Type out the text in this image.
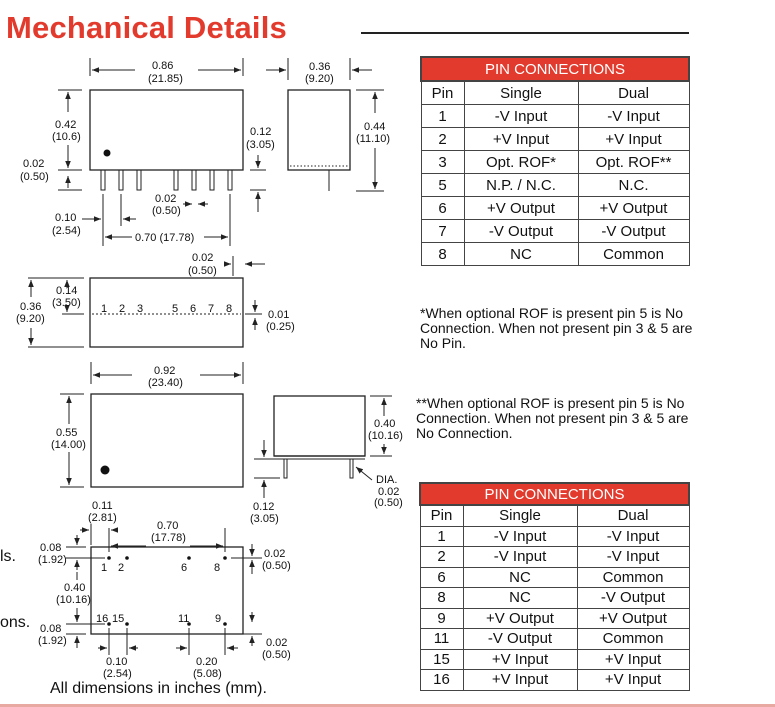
Mechanical Details
0.86
(21.85)
0.42
(10.6)
0.02
(0.50)
0.12
(3.05)
0.02
(0.50)
0.10
(2.54)
0.70 (17.78)
0.36
(9.20)
0.44
(11.10)
1 2 3	5 6 7 8
0.02
(0.50)
0.36
(9.20)
0.14
(3.50)
0.01
(0.25)
0.92
(23.40)
0.55
(14.00)
0.40
(10.16)
0.12
(3.05)
DIA.
0.02
(0.50)
1 2	6 8
16 15	11 9
0.11
(2.81)
0.70
(17.78)
0.08
(1.92)	0.02
(0.50)
0.40
(10.16)
0.08
(1.92)	0.02
(0.50)
0.10
(2.54)
0.20
(5.08)
ls.
ons.
PIN CONNECTIONS		
Pin	Single	Dual
1	-V Input	-V Input
2	+V Input	+V Input
3	Opt. ROF*	Opt. ROF**
5	N.P. / N.C.	N.C.
6	+V Output	+V Output
7	-V Output	-V Output
8	NC	Common
*When optional ROF is present pin 5 is No Connection. When not present pin 3 & 5 are No Pin.
**When optional ROF is present pin 5 is No Connection. When not present pin 3 & 5 are No Connection.
PIN CONNECTIONS		
Pin	Single	Dual
1	-V Input	-V Input
2	-V Input	-V Input
6	NC	Common
8	NC	-V Output
9	+V Output	+V Output
11	-V Output	Common
15	+V Input	+V Input
16	+V Input	+V Input
All dimensions in inches (mm).
